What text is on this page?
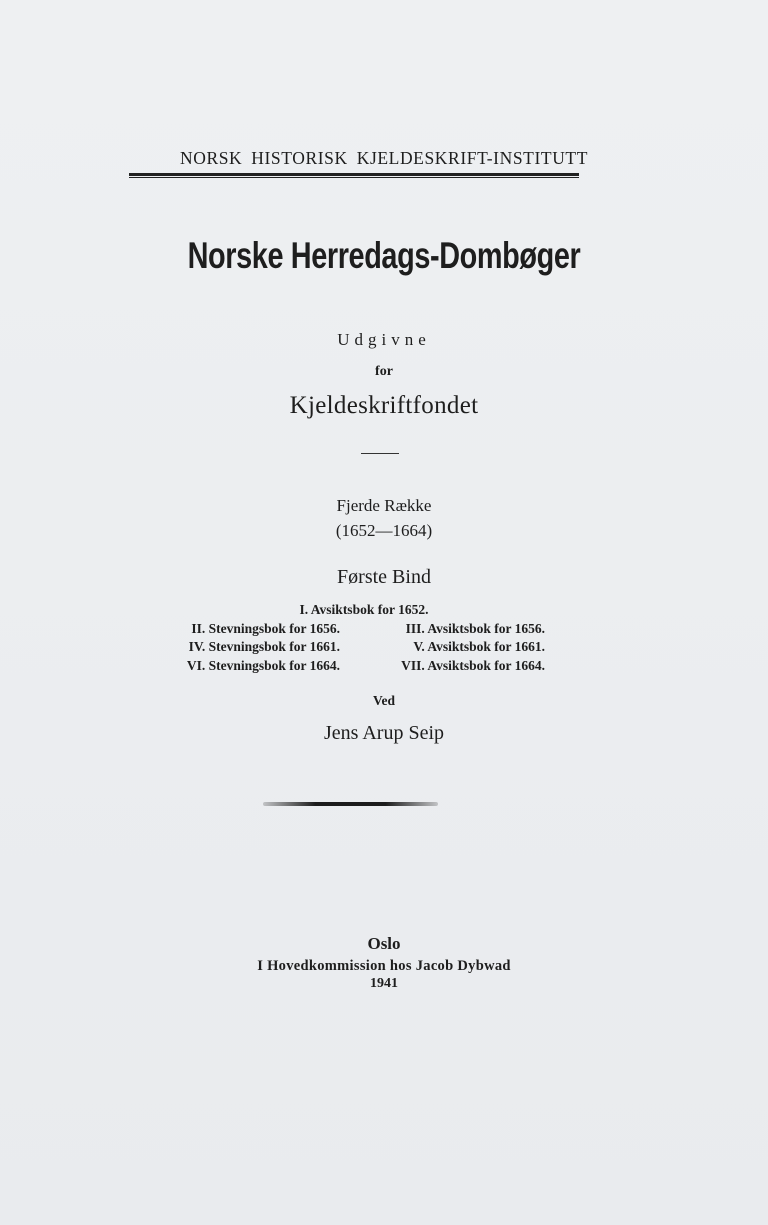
NORSK HISTORISK KJELDESKRIFT-INSTITUTT
Norske Herredags-Dombøger
Udgivne
for
Kjeldeskriftfondet
Fjerde Række
(1652—1664)
Første Bind
I. Avsiktsbok for 1652.
II. Stevningsbok for 1656.	III. Avsiktsbok for 1656.
IV. Stevningsbok for 1661.	V. Avsiktsbok for 1661.
VI. Stevningsbok for 1664.	VII. Avsiktsbok for 1664.
Ved
Jens Arup Seip
Oslo
I Hovedkommission hos Jacob Dybwad
1941
